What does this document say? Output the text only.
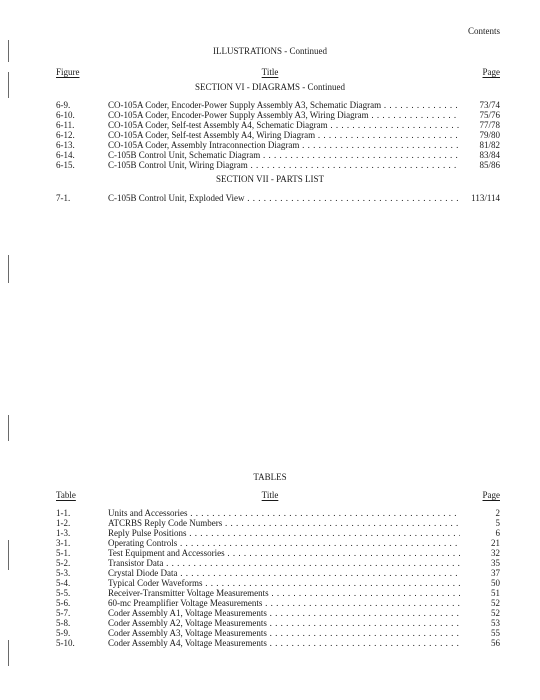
Contents
ILLUSTRATIONS - Continued
Figure	Title	Page
SECTION VI - DIAGRAMS - Continued
6-9.	CO-105A Coder, Encoder-Power Supply Assembly A3, Schematic Diagram . . .	73/74
6-10.	CO-105A Coder, Encoder-Power Supply Assembly A3, Wiring Diagram . . .	75/76
6-11.	CO-105A Coder, Self-test Assembly A4, Schematic Diagram . . .	77/78
6-12.	CO-105A Coder, Self-test Assembly A4, Wiring Diagram . . .	79/80
6-13.	CO-105A Coder, Assembly Intraconnection Diagram . . .	81/82
6-14.	C-105B Control Unit, Schematic Diagram . . .	83/84
6-15.	C-105B Control Unit, Wiring Diagram . . .	85/86
SECTION VII - PARTS LIST
7-1.	C-105B Control Unit, Exploded View . . .	113/114
TABLES
Table	Title	Page
1-1.	Units and Accessories . . .	2
1-2.	ATCRBS Reply Code Numbers . . .	5
1-3.	Reply Pulse Positions . . .	6
3-1.	Operating Controls . . .	21
5-1.	Test Equipment and Accessories . . .	32
5-2.	Transistor Data . . .	35
5-3.	Crystal Diode Data . . .	37
5-4.	Typical Coder Waveforms . . .	50
5-5.	Receiver-Transmitter Voltage Measurements . . .	51
5-6.	60-mc Preamplifier Voltage Measurements . . .	52
5-7.	Coder Assembly A1, Voltage Measurements . . .	52
5-8.	Coder Assembly A2, Voltage Measurements . . .	53
5-9.	Coder Assembly A3, Voltage Measurements . . .	55
5-10.	Coder Assembly A4, Voltage Measurements . . .	56
